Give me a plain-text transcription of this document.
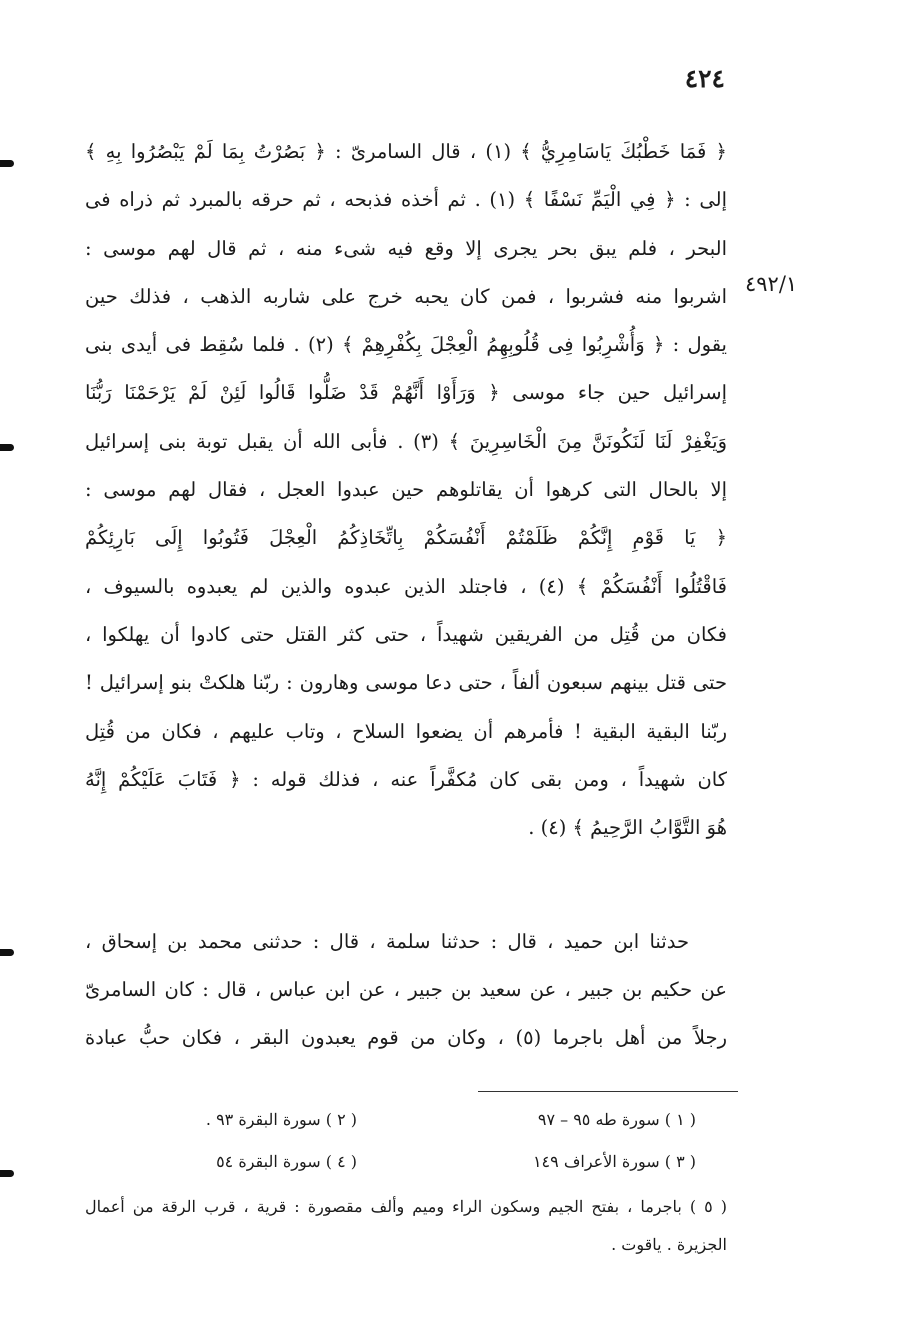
٤٢٤
٤٩٢/١
﴿ فَمَا خَطْبُكَ يَاسَامِرِيُّ ﴾ (١) ، قال السامرىّ : ﴿ بَصُرْتُ بِمَا لَمْ يَبْصُرُوا بِهِ ﴾
إلى : ﴿ فِي الْيَمِّ نَسْفًا ﴾ (١) . ثم أخذه فذبحه ، ثم حرقه بالمبرد ثم ذراه فى
البحر ، فلم يبق بحر يجرى إلا وقع فيه شىء منه ، ثم قال لهم موسى :
اشربوا منه فشربوا ، فمن كان يحبه خرج على شاربه الذهب ، فذلك حين
يقول : ﴿ وَأُشْرِبُوا فِى قُلُوبِهِمُ الْعِجْلَ بِكُفْرِهِمْ ﴾ (٢) . فلما سُقِط فى أيدى بنى
إسرائيل حين جاء موسى ﴿ وَرَأَوْا أَنَّهُمْ قَدْ ضَلُّوا قَالُوا لَئِنْ لَمْ يَرْحَمْنَا رَبُّنَا
وَيَغْفِرْ لَنَا لَنَكُونَنَّ مِنَ الْخَاسِرِينَ ﴾ (٣) . فأبى الله أن يقبل توبة بنى إسرائيل
إلا بالحال التى كرهوا أن يقاتلوهم حين عبدوا العجل ، فقال لهم موسى :
﴿ يَا قَوْمِ إِنَّكُمْ ظَلَمْتُمْ أَنْفُسَكُمْ بِاتِّخَاذِكُمُ الْعِجْلَ فَتُوبُوا إِلَى بَارِئِكُمْ
فَاقْتُلُوا أَنْفُسَكُمْ ﴾ (٤) ، فاجتلد الذين عبدوه والذين لم يعبدوه بالسيوف ،
فكان من قُتِل من الفريقين شهيداً ، حتى كثر القتل حتى كادوا أن يهلكوا ،
حتى قتل بينهم سبعون ألفاً ، حتى دعا موسى وهارون : ربّنا هلكتْ بنو إسرائيل !
ربّنا البقية البقية ! فأمرهم أن يضعوا السلاح ، وتاب عليهم ، فكان من قُتِل
كان شهيداً ، ومن بقى كان مُكفَّراً عنه ، فذلك قوله : ﴿ فَتَابَ عَلَيْكُمْ إِنَّهُ
هُوَ التَّوَّابُ الرَّحِيمُ ﴾ (٤) .
حدثنا ابن حميد ، قال : حدثنا سلمة ، قال : حدثنى محمد بن إسحاق ،
عن حكيم بن جبير ، عن سعيد بن جبير ، عن ابن عباس ، قال : كان السامرىّ
رجلاً من أهل باجرما (٥) ، وكان من قوم يعبدون البقر ، فكان حبُّ عبادة
( ١ ) سورة طه ٩٥ – ٩٧
( ٢ ) سورة البقرة ٩٣ .
( ٣ ) سورة الأعراف ١٤٩
( ٤ ) سورة البقرة ٥٤
( ٥ ) باجرما ، بفتح الجيم وسكون الراء وميم وألف مقصورة : قرية ، قرب الرقة من أعمال
الجزيرة . ياقوت .
